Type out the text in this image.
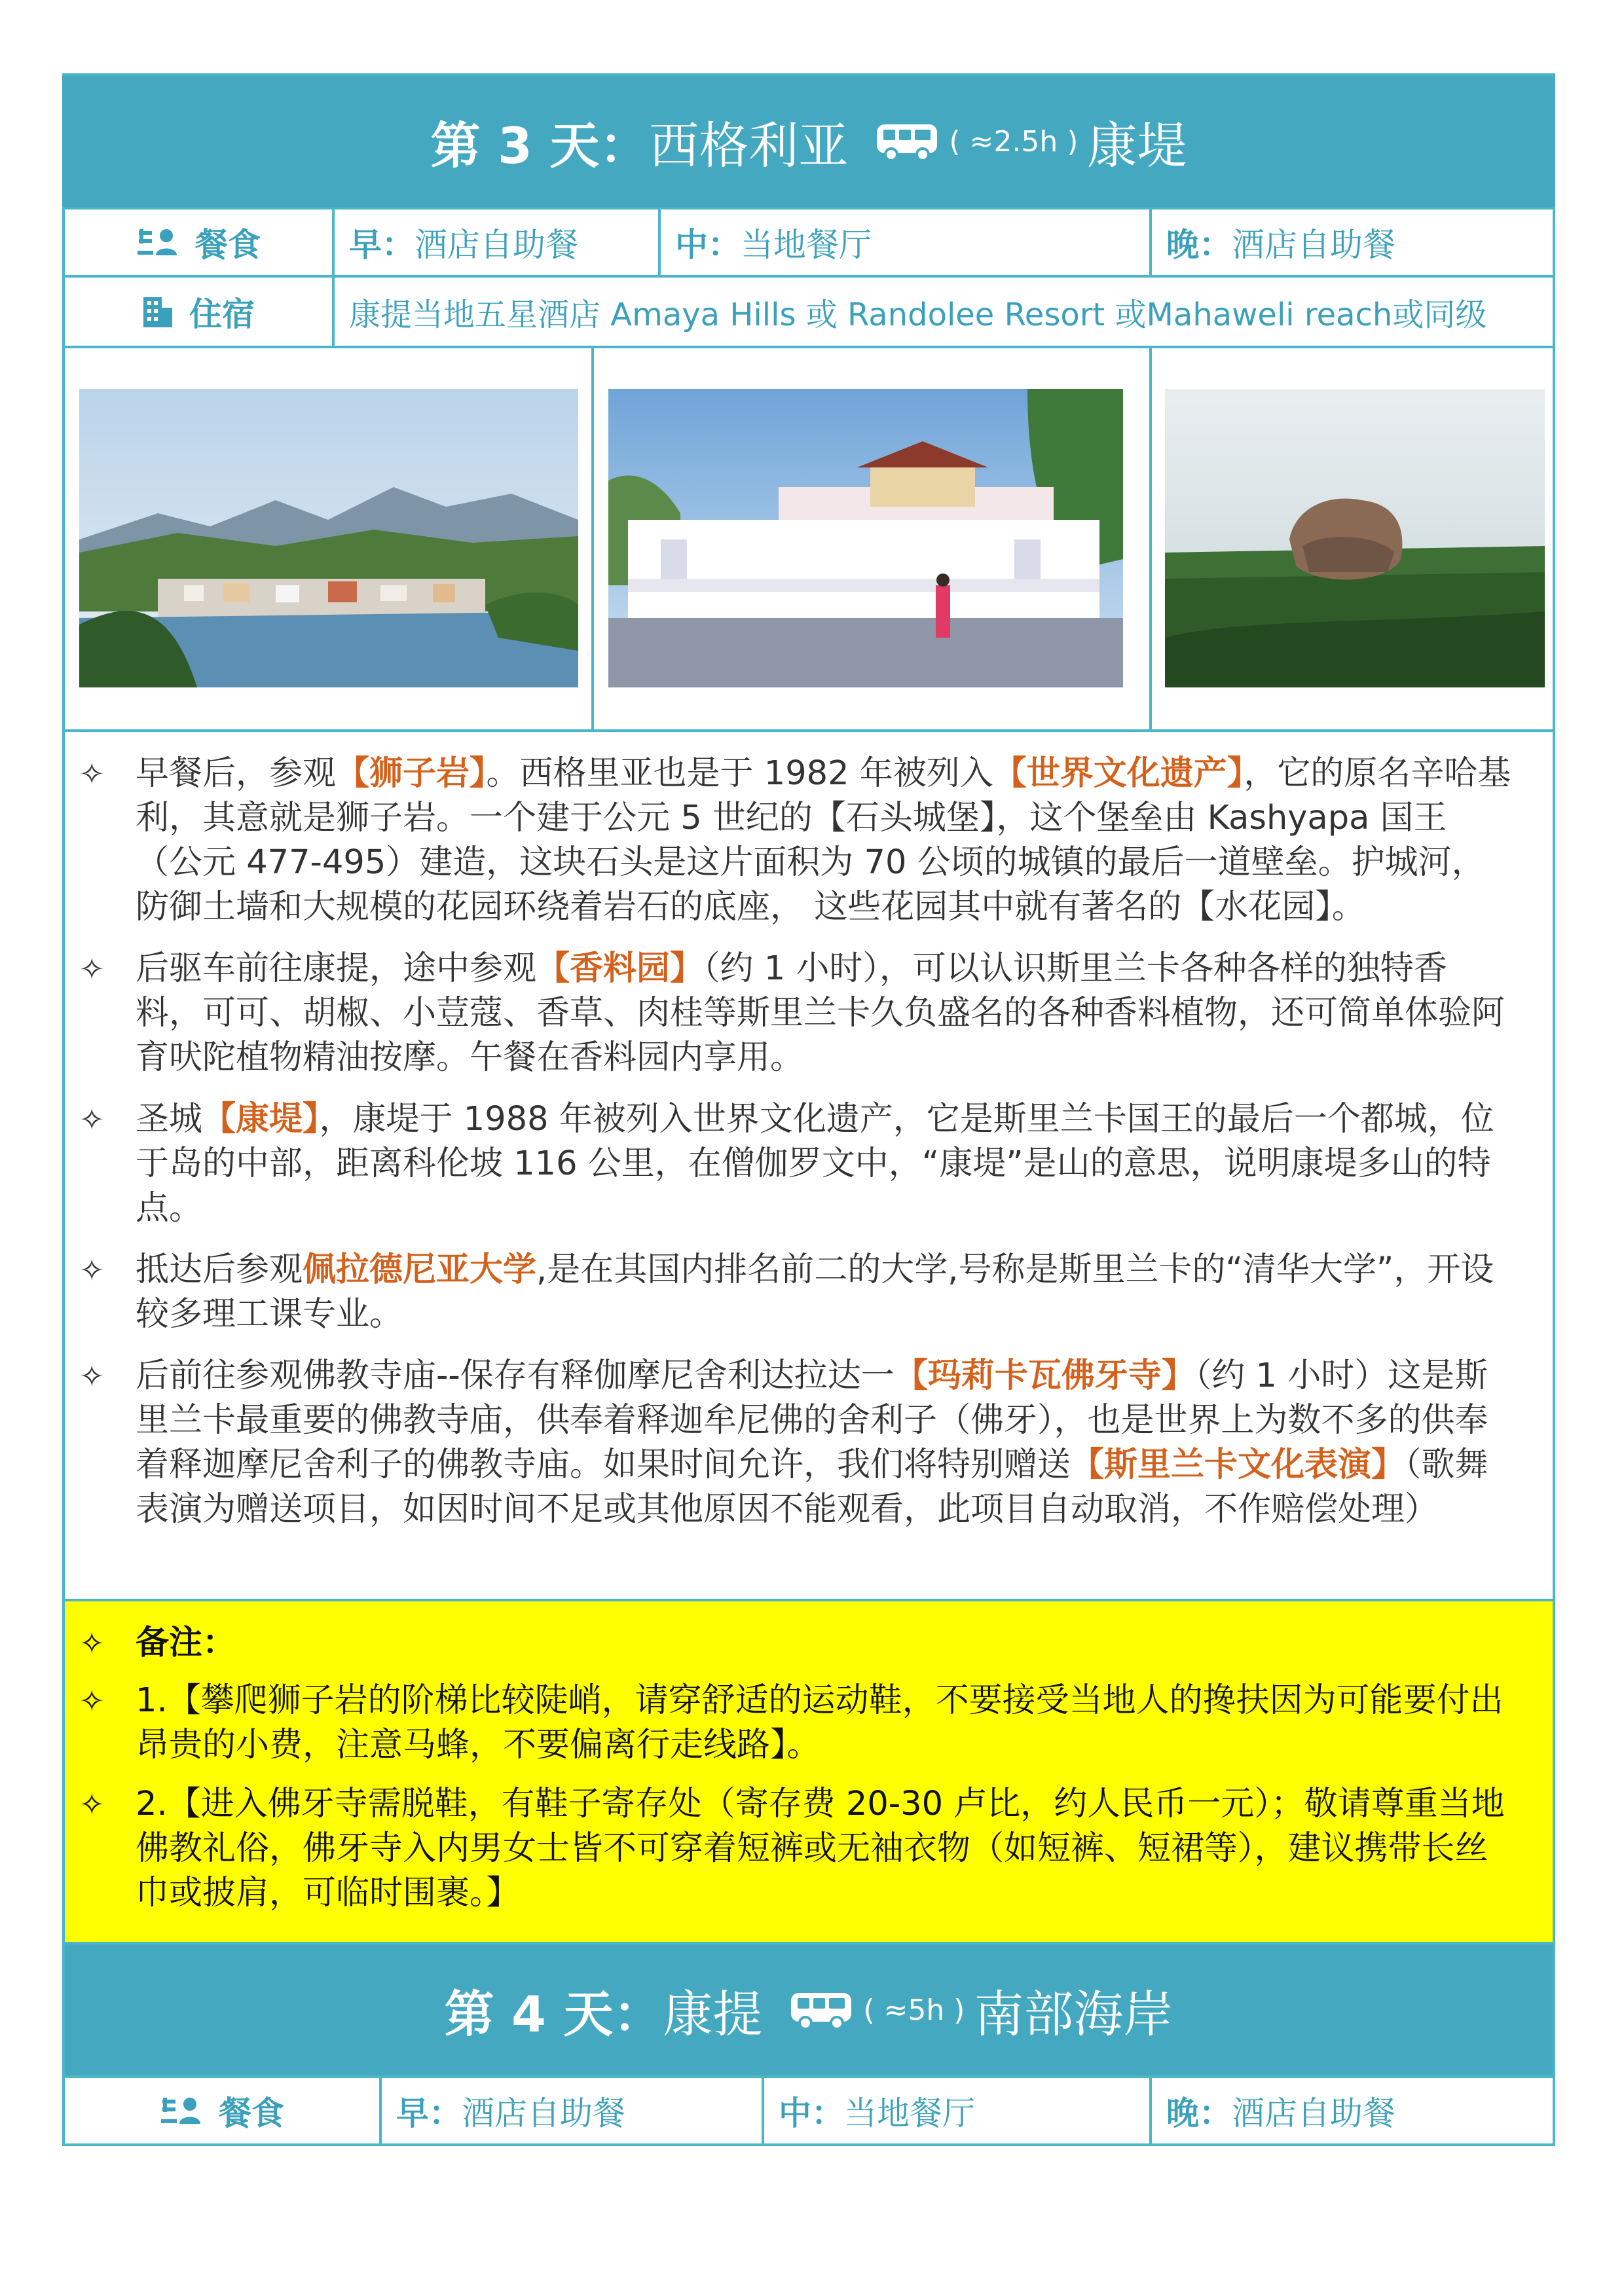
第 3 天： 西格利亚	( ≈2.5h ) 康堤
餐食	早： 酒店自助餐	中： 当地餐厅	晚： 酒店自助餐
住宿	康提当地五星酒店 Amaya Hills 或 Randolee Resort 或Mahaweli reach或同级

✧ 早餐后，参观【狮子岩】。西格里亚也是于 1982 年被列入【世界文化遗产】，它的原名辛哈基利，其意就是狮子岩。一个建于公元 5 世纪的【石头城堡】，这个堡垒由 Kashyapa 国王（公元 477-495）建造，这块石头是这片面积为 70 公顷的城镇的最后一道壁垒。护城河，防御土墙和大规模的花园环绕着岩石的底座， 这些花园其中就有著名的【水花园】。

✧ 后驱车前往康提，途中参观【香料园】（约 1 小时），可以认识斯里兰卡各种各样的独特香料，可可、胡椒、小荳蔻、香草、肉桂等斯里兰卡久负盛名的各种香料植物，还可简单体验阿育吠陀植物精油按摩。午餐在香料园内享用。

✧ 圣城【康堤】，康堤于 1988 年被列入世界文化遗产，它是斯里兰卡国王的最后一个都城，位于岛的中部，距离科伦坡 116 公里，在僧伽罗文中，“康堤”是山的意思，说明康堤多山的特点。

✧ 抵达后参观佩拉德尼亚大学,是在其国内排名前二的大学,号称是斯里兰卡的“清华大学”，开设较多理工课专业。

✧ 后前往参观佛教寺庙--保存有释伽摩尼舍利达拉达一【玛莉卡瓦佛牙寺】（约 1 小时）这是斯里兰卡最重要的佛教寺庙，供奉着释迦牟尼佛的舍利子（佛牙），也是世界上为数不多的供奉着释迦摩尼舍利子的佛教寺庙。如果时间允许，我们将特别赠送【斯里兰卡文化表演】（歌舞表演为赠送项目，如因时间不足或其他原因不能观看，此项目自动取消，不作赔偿处理）

✧ 备注：

✧ 1.【攀爬狮子岩的阶梯比较陡峭，请穿舒适的运动鞋，不要接受当地人的搀扶因为可能要付出昂贵的小费，注意马蜂，不要偏离行走线路】。

✧ 2.【进入佛牙寺需脱鞋，有鞋子寄存处（寄存费 20-30 卢比，约人民币一元）；敬请尊重当地佛教礼俗，佛牙寺入内男女士皆不可穿着短裤或无袖衣物（如短裤、短裙等），建议携带长丝巾或披肩，可临时围裹。】

第 4 天： 康提	( ≈5h ) 南部海岸
餐食	早： 酒店自助餐	中： 当地餐厅	晚： 酒店自助餐
